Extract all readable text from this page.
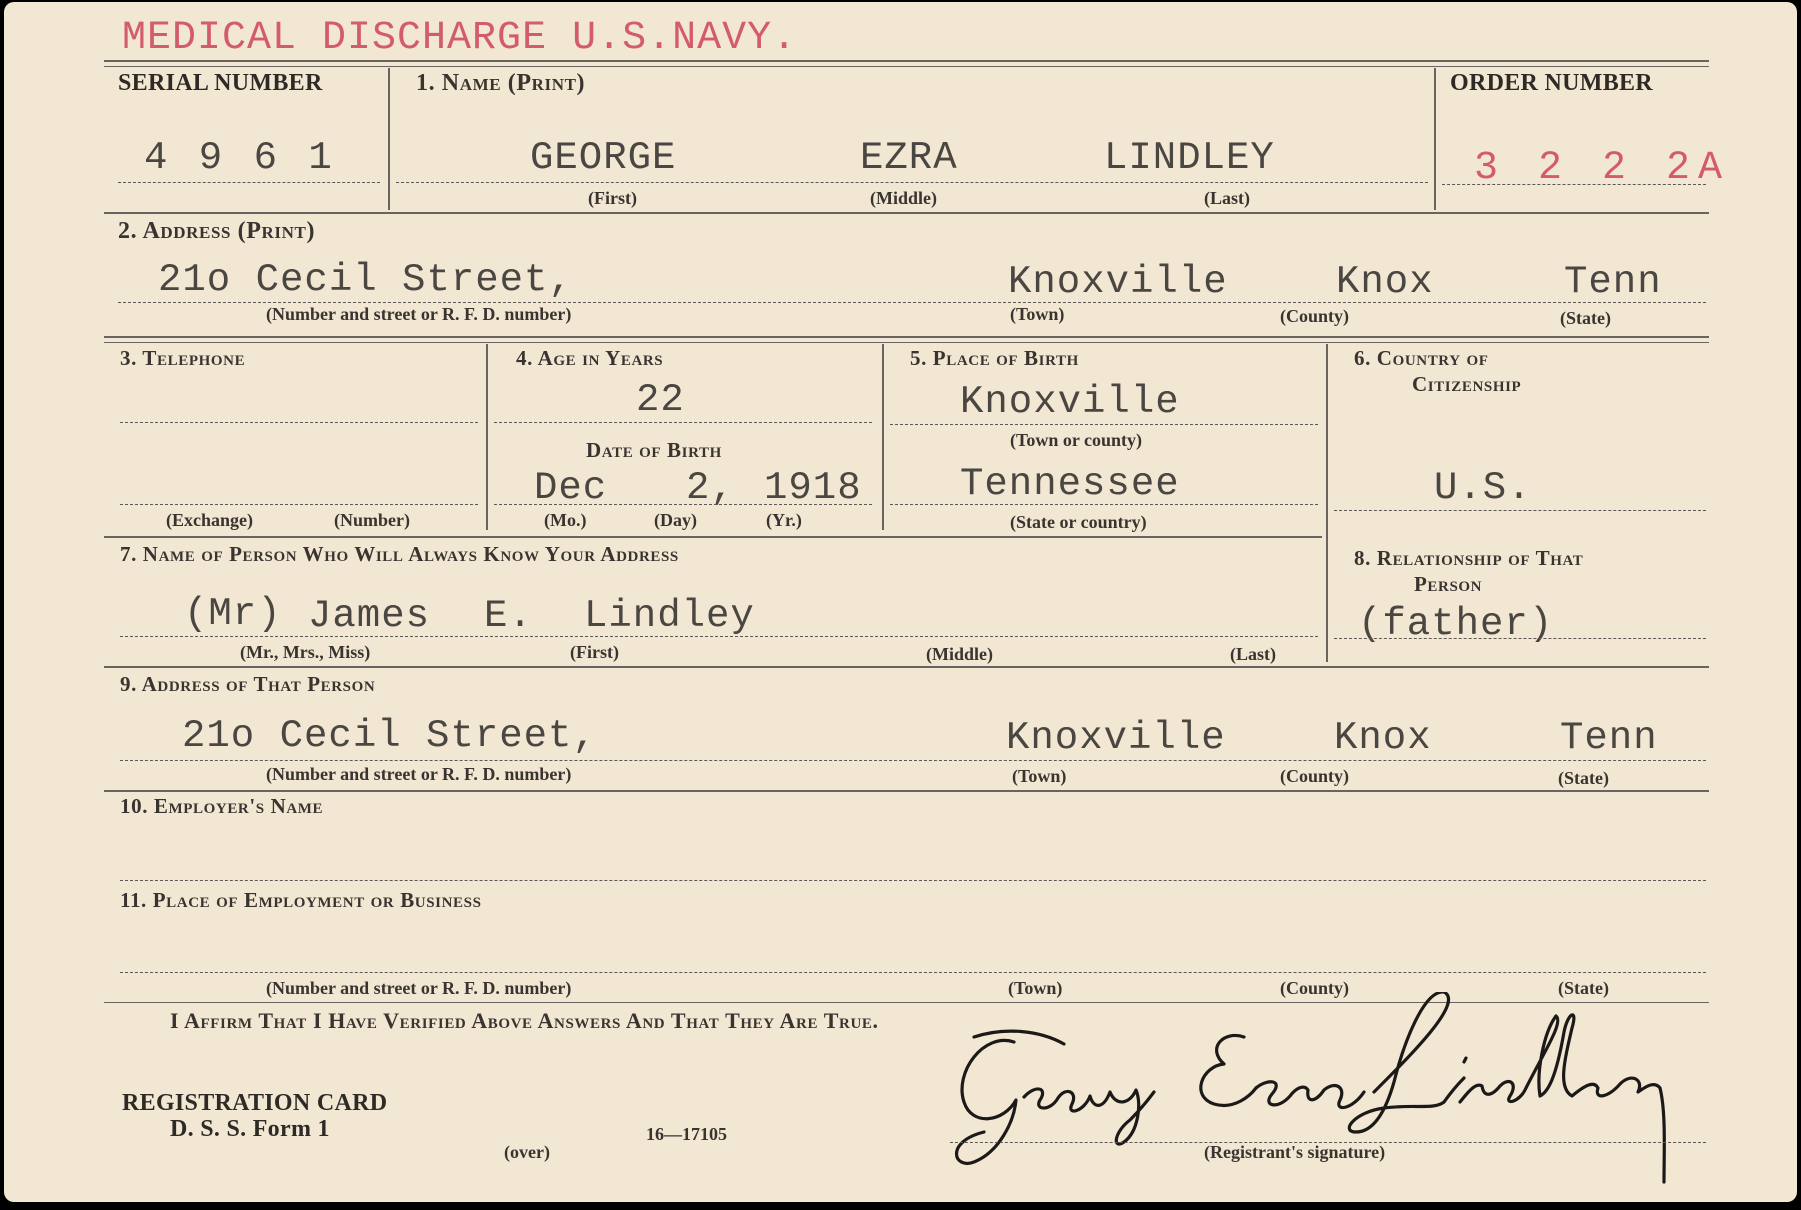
MEDICAL DISCHARGE U.S.NAVY.
SERIAL NUMBER
4 9 6 1
1. Name (Print)
GEORGE	EZRA	LINDLEY
(First)	(Middle)	(Last)
ORDER NUMBER
3 2 2 2 A
2. Address (Print)
21o Cecil Street,	Knoxville	Knox	Tenn
(Number and street or R. F. D. number)	(Town)	(County)	(State)
3. Telephone
(Exchange)	(Number)
4. Age in Years
22
Date of Birth
Dec 2, 1918
(Mo.)	(Day)	(Yr.)
5. Place of Birth
Knoxville
(Town or county)
Tennessee
(State or country)
6. Country of
Citizenship
U.S.
7. Name of Person Who Will Always Know Your Address
(Mr) James E. Lindley
(Mr., Mrs., Miss)	(First)	(Middle)	(Last)
8. Relationship of That
Person
(father)
9. Address of That Person
21o Cecil Street,	Knoxville	Knox	Tenn
(Number and street or R. F. D. number)	(Town)	(County)	(State)
10. Employer's Name
11. Place of Employment or Business
(Number and street or R. F. D. number)	(Town)	(County)	(State)
I Affirm That I Have Verified Above Answers And That They Are True.
REGISTRATION CARD
D. S. S. Form 1
(over)
16—17105
(Registrant's signature)
